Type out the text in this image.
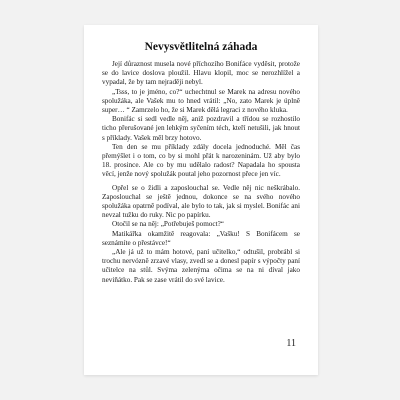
Nevysvětlitelná záhada

Její důraznost musela nové příchozího Bonifáce vyděsit, protože se do lavice doslova ploužil. Hlavu klopil, moc se nerozhlížel a vypadal, že by tam nejraději nebyl.

„Tsss, to je jméno, co?“ uchechtnul se Marek na adresu nového spolužáka, ale Vašek mu to hned vrátil: „No, zato Marek je úplně super… “ Zamrzelo ho, že si Marek dělá legraci z nového kluka.

Bonifác si sedl vedle něj, aniž pozdravil a třídou se rozhostilo ticho přerušované jen lehkým syčením téch, kteří netušili, jak hnout s příklady. Vašek měl brzy hotovo.

Ten den se mu příklady zdály docela jednoduché. Měl čas přemýšlet i o tom, co by si mohl přát k narozeninám. Už aby bylo 18. prosince. Ale co by mu udělalo radost? Napadala ho spousta věcí, jenže nový spolužák poutal jeho pozornost přece jen víc.

Opřel se o židli a zaposlouchal se. Vedle něj nic neškrábalo. Zaposlouchal se ještě jednou, dokonce se na svého nového spolužáka opatrně podíval, ale bylo to tak, jak si myslel. Bonifác ani nevzal tužku do ruky. Nic po papírku.

Otočil se na něj: „Potřebuješ pomoct?“

Matikářka okamžitě reagovala: „Vašku! S Bonifácem se seznámíte o přestávce!“

„Ale já už to mám hotové, paní učitelko,“ odtušil, probrábl si trochu nervózně zrzavé vlasy, zvedl se a donesl papír s výpočty paní učitelce na stůl. Svýma zelenýma očima se na ni díval jako neviňátko. Pak se zase vrátil do své lavice.

11
